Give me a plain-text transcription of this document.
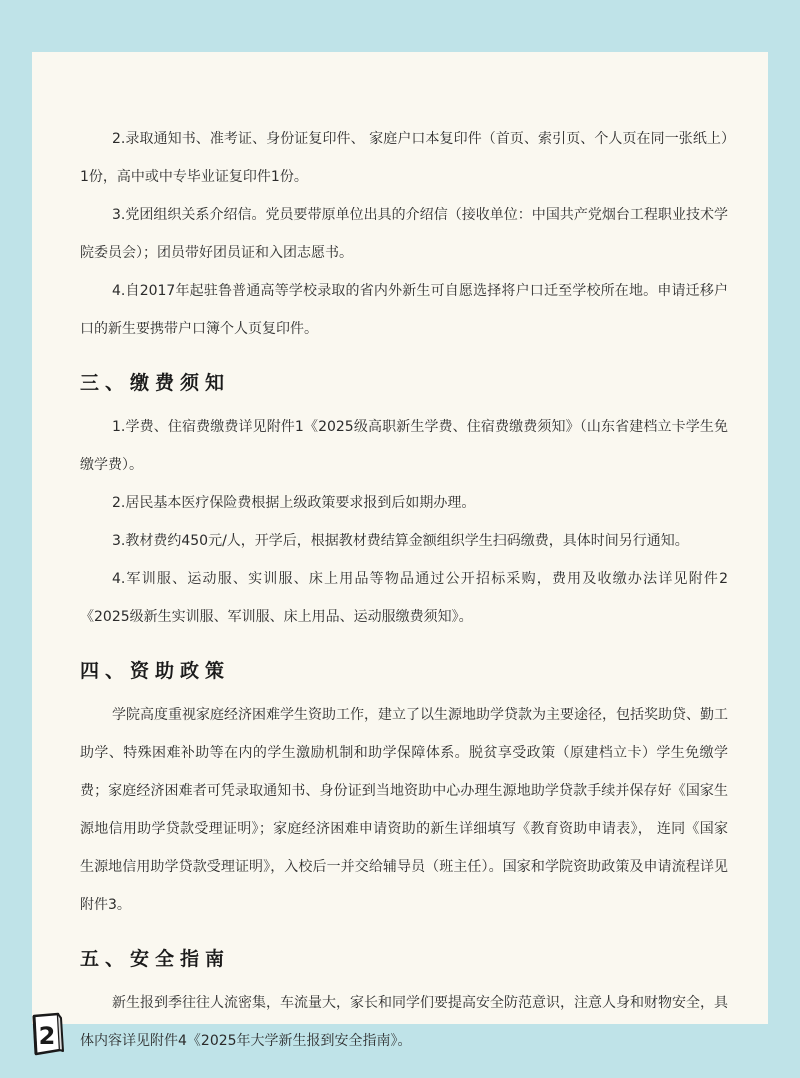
2.录取通知书、准考证、身份证复印件、 家庭户口本复印件（首页、索引页、个人页在同一张纸上）1份，高中或中专毕业证复印件1份。

3.党团组织关系介绍信。党员要带原单位出具的介绍信（接收单位：中国共产党烟台工程职业技术学院委员会）；团员带好团员证和入团志愿书。

4.自2017年起驻鲁普通高等学校录取的省内外新生可自愿选择将户口迁至学校所在地。申请迁移户口的新生要携带户口簿个人页复印件。

三、缴费须知

1.学费、住宿费缴费详见附件1《2025级高职新生学费、住宿费缴费须知》（山东省建档立卡学生免缴学费）。

2.居民基本医疗保险费根据上级政策要求报到后如期办理。

3.教材费约450元/人，开学后，根据教材费结算金额组织学生扫码缴费，具体时间另行通知。

4.军训服、运动服、实训服、床上用品等物品通过公开招标采购，费用及收缴办法详见附件2《2025级新生实训服、军训服、床上用品、运动服缴费须知》。

四、资助政策

学院高度重视家庭经济困难学生资助工作，建立了以生源地助学贷款为主要途径，包括奖助贷、勤工助学、特殊困难补助等在内的学生激励机制和助学保障体系。脱贫享受政策（原建档立卡）学生免缴学费；家庭经济困难者可凭录取通知书、身份证到当地资助中心办理生源地助学贷款手续并保存好《国家生源地信用助学贷款受理证明》；家庭经济困难申请资助的新生详细填写《教育资助申请表》， 连同《国家生源地信用助学贷款受理证明》，入校后一并交给辅导员（班主任）。国家和学院资助政策及申请流程详见附件3。

五、安全指南

新生报到季往往人流密集，车流量大，家长和同学们要提高安全防范意识，注意人身和财物安全，具体内容详见附件4《2025年大学新生报到安全指南》。

2
